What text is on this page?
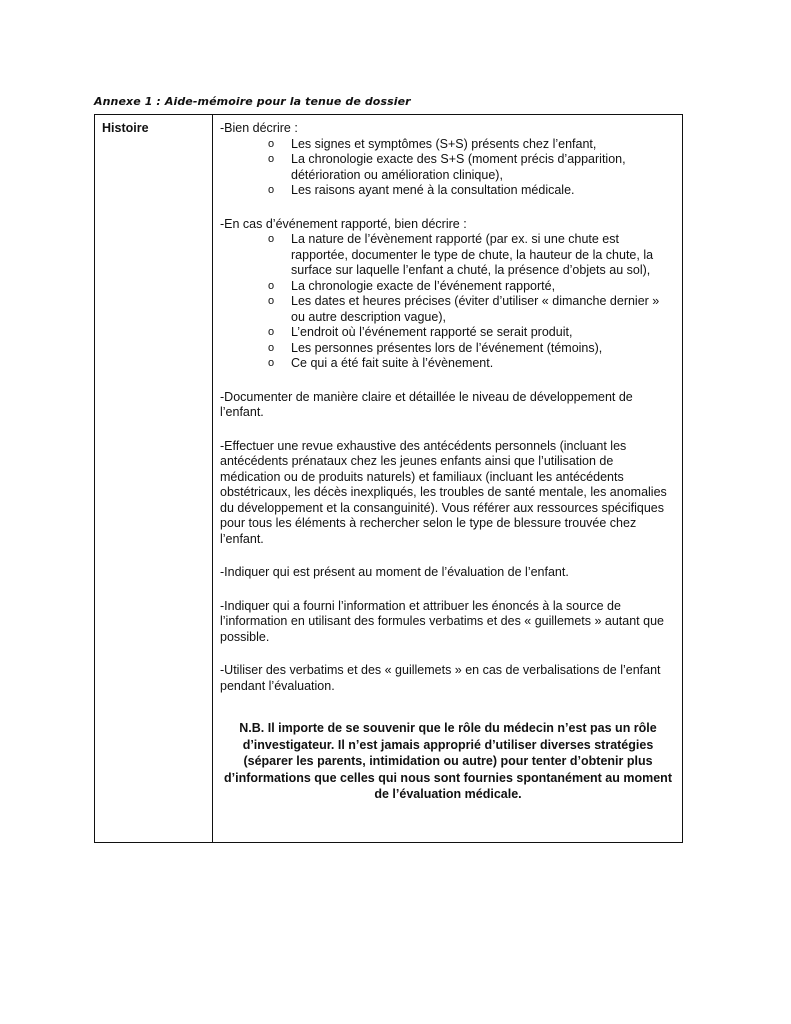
Annexe 1 : Aide-mémoire pour la tenue de dossier
Histoire	-Bien décrire :

o Les signes et symptômes (S+S) présents chez l’enfant,
o La chronologie exacte des S+S (moment précis d’apparition, détérioration ou amélioration clinique),
o Les raisons ayant mené à la consultation médicale.

-En cas d’événement rapporté, bien décrire :

o La nature de l’évènement rapporté (par ex. si une chute est rapportée, documenter le type de chute, la hauteur de la chute, la surface sur laquelle l’enfant a chuté, la présence d’objets au sol),
o La chronologie exacte de l’événement rapporté,
o Les dates et heures précises (éviter d’utiliser « dimanche dernier » ou autre description vague),
o L’endroit où l’événement rapporté se serait produit,
o Les personnes présentes lors de l’événement (témoins),
o Ce qui a été fait suite à l’évènement.

-Documenter de manière claire et détaillée le niveau de développement de l’enfant.

-Effectuer une revue exhaustive des antécédents personnels (incluant les antécédents prénataux chez les jeunes enfants ainsi que l’utilisation de médication ou de produits naturels) et familiaux (incluant les antécédents obstétricaux, les décès inexpliqués, les troubles de santé mentale, les anomalies du développement et la consanguinité). Vous référer aux ressources spécifiques pour tous les éléments à rechercher selon le type de blessure trouvée chez l’enfant.

-Indiquer qui est présent au moment de l’évaluation de l’enfant.

-Indiquer qui a fourni l’information et attribuer les énoncés à la source de l’information en utilisant des formules verbatims et des « guillemets » autant que possible.

-Utiliser des verbatims et des « guillemets » en cas de verbalisations de l’enfant pendant l’évaluation.

N.B. Il importe de se souvenir que le rôle du médecin n’est pas un rôle d’investigateur. Il n’est jamais approprié d’utiliser diverses stratégies (séparer les parents, intimidation ou autre) pour tenter d’obtenir plus d’informations que celles qui nous sont fournies spontanément au moment de l’évaluation médicale.
